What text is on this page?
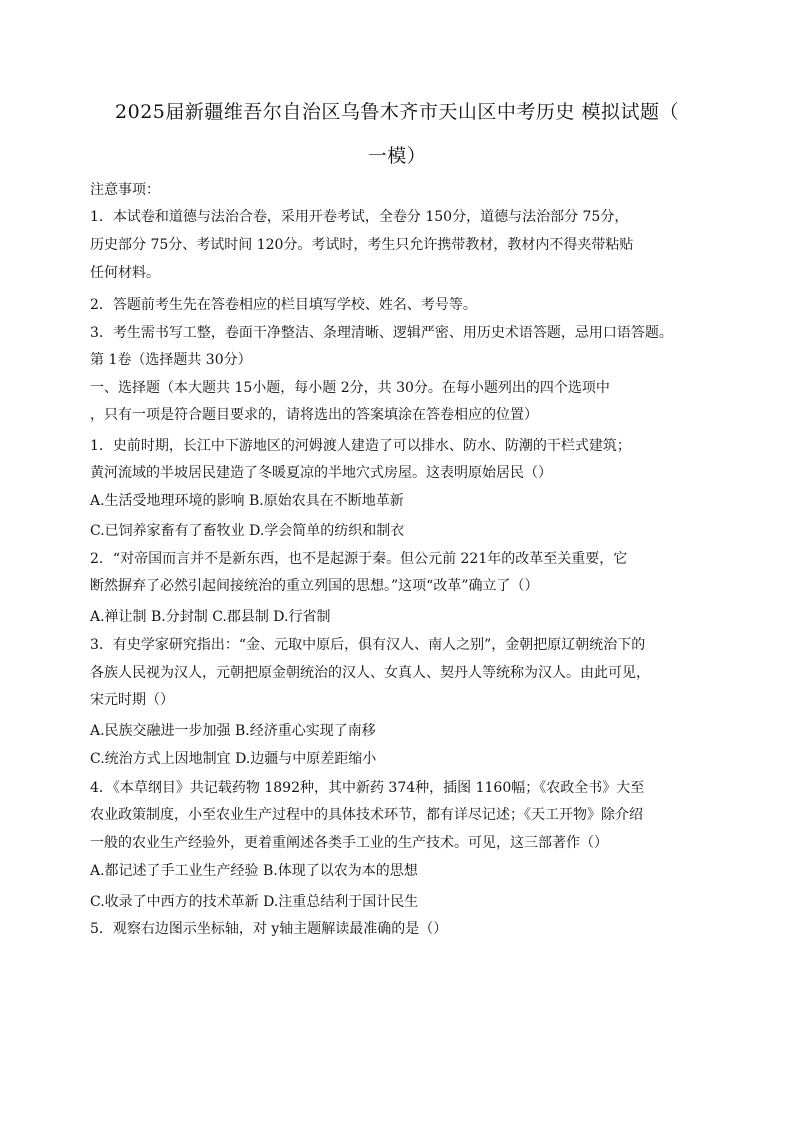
2025届新疆维吾尔自治区乌鲁木齐市天山区中考历史 模拟试题（
一模）
注意事项：
1．本试卷和道德与法治合卷，采用开卷考试，全卷分 150分，道德与法治部分 75分，
历史部分 75分、考试时间 120分。考试时，考生只允许携带教材，教材内不得夹带粘贴
任何材料。
2．答题前考生先在答卷相应的栏目填写学校、姓名、考号等。
3．考生需书写工整，卷面干净整洁、条理清晰、逻辑严密、用历史术语答题，忌用口语答题。
第 1卷（选择题共 30分）
一、选择题（本大题共 15小题，每小题 2分，共 30分。在每小题列出的四个选项中
，只有一项是符合题目要求的，请将选出的答案填涂在答卷相应的位置）
1．史前时期，长江中下游地区的河姆渡人建造了可以排水、防水、防潮的干栏式建筑；
黄河流域的半坡居民建造了冬暖夏凉的半地穴式房屋。这表明原始居民（）
A.生活受地理环境的影响 B.原始农具在不断地革新
C.已饲养家畜有了畜牧业 D.学会简单的纺织和制衣
2．“对帝国而言并不是新东西，也不是起源于秦。但公元前 221年的改革至关重要，它
断然摒弃了必然引起间接统治的重立列国的思想。”这项“改革”确立了（）
A.禅让制 B.分封制 C.郡县制 D.行省制
3．有史学家研究指出：“金、元取中原后，俱有汉人、南人之别”，金朝把原辽朝统治下的
各族人民视为汉人，元朝把原金朝统治的汉人、女真人、契丹人等统称为汉人。由此可见，
宋元时期（）
A.民族交融进一步加强 B.经济重心实现了南移
C.统治方式上因地制宜 D.边疆与中原差距缩小
4．《本草纲目》共记载药物 1892种，其中新药 374种，插图 1160幅；《农政全书》大至
农业政策制度，小至农业生产过程中的具体技术环节，都有详尽记述；《天工开物》除介绍
一般的农业生产经验外，更着重阐述各类手工业的生产技术。可见，这三部著作（）
A.都记述了手工业生产经验 B.体现了以农为本的思想
C.收录了中西方的技术革新 D.注重总结利于国计民生
5．观察右边图示坐标轴，对 y轴主题解读最准确的是（）
